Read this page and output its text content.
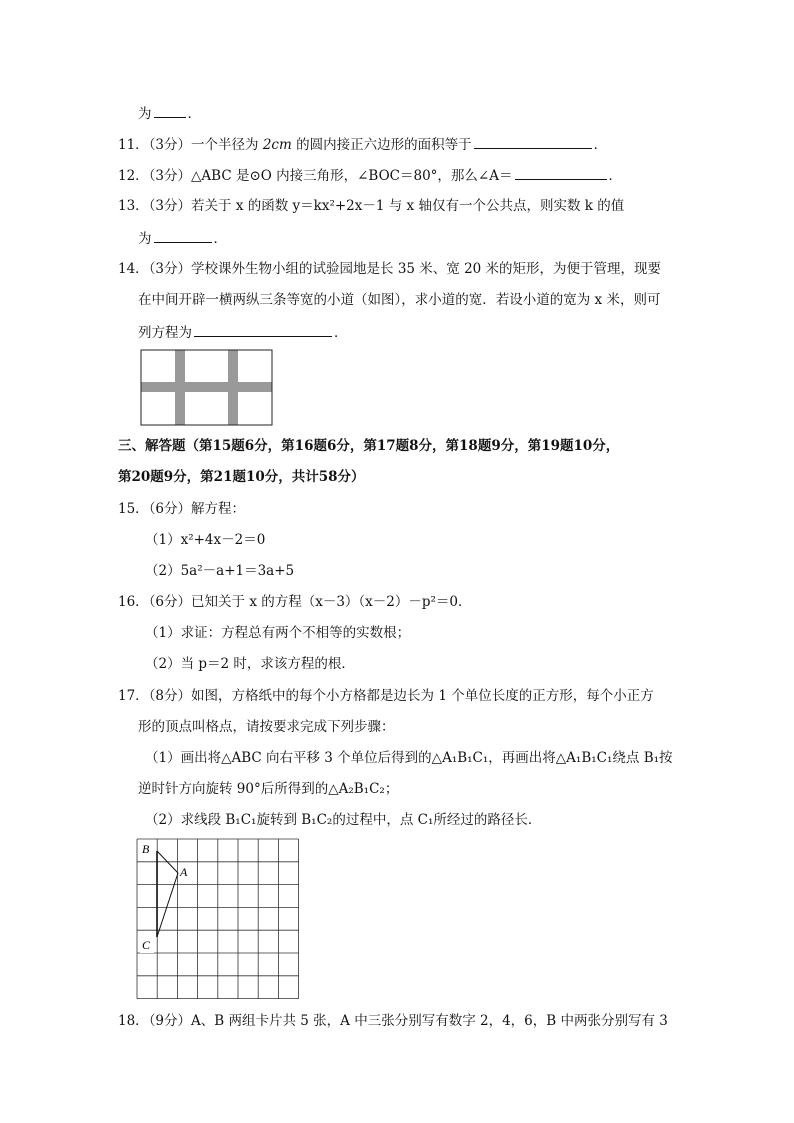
为	．
11．（3分）一个半径为 2cm 的圆内接正六边形的面积等于	．
12．（3分）△ABC 是⊙O 内接三角形，∠BOC＝80°，那么∠A＝	．
13．（3分）若关于 x 的函数 y＝kx²+2x－1 与 x 轴仅有一个公共点，则实数 k 的值
为	．
14．（3分）学校课外生物小组的试验园地是长 35 米、宽 20 米的矩形，为便于管理，现要
在中间开辟一横两纵三条等宽的小道（如图），求小道的宽．若设小道的宽为 x 米，则可
列方程为	．
三、解答题（第15题6分，第16题6分，第17题8分，第18题9分，第19题10分，
第20题9分，第21题10分，共计58分）
15．（6分）解方程：
（1）x²+4x－2＝0
（2）5a²－a+1＝3a+5
16．（6分）已知关于 x 的方程（x－3）（x－2）－p²＝0．
（1）求证：方程总有两个不相等的实数根；
（2）当 p＝2 时，求该方程的根．
17．（8分）如图，方格纸中的每个小方格都是边长为 1 个单位长度的正方形，每个小正方
形的顶点叫格点，请按要求完成下列步骤：
（1）画出将△ABC 向右平移 3 个单位后得到的△A₁B₁C₁，再画出将△A₁B₁C₁绕点 B₁按
逆时针方向旋转 90°后所得到的△A₂B₁C₂；
（2）求线段 B₁C₁旋转到 B₁C₂的过程中，点 C₁所经过的路径长．
B
A
C
18．（9分）A、B 两组卡片共 5 张，A 中三张分别写有数字 2，4，6，B 中两张分别写有 3
